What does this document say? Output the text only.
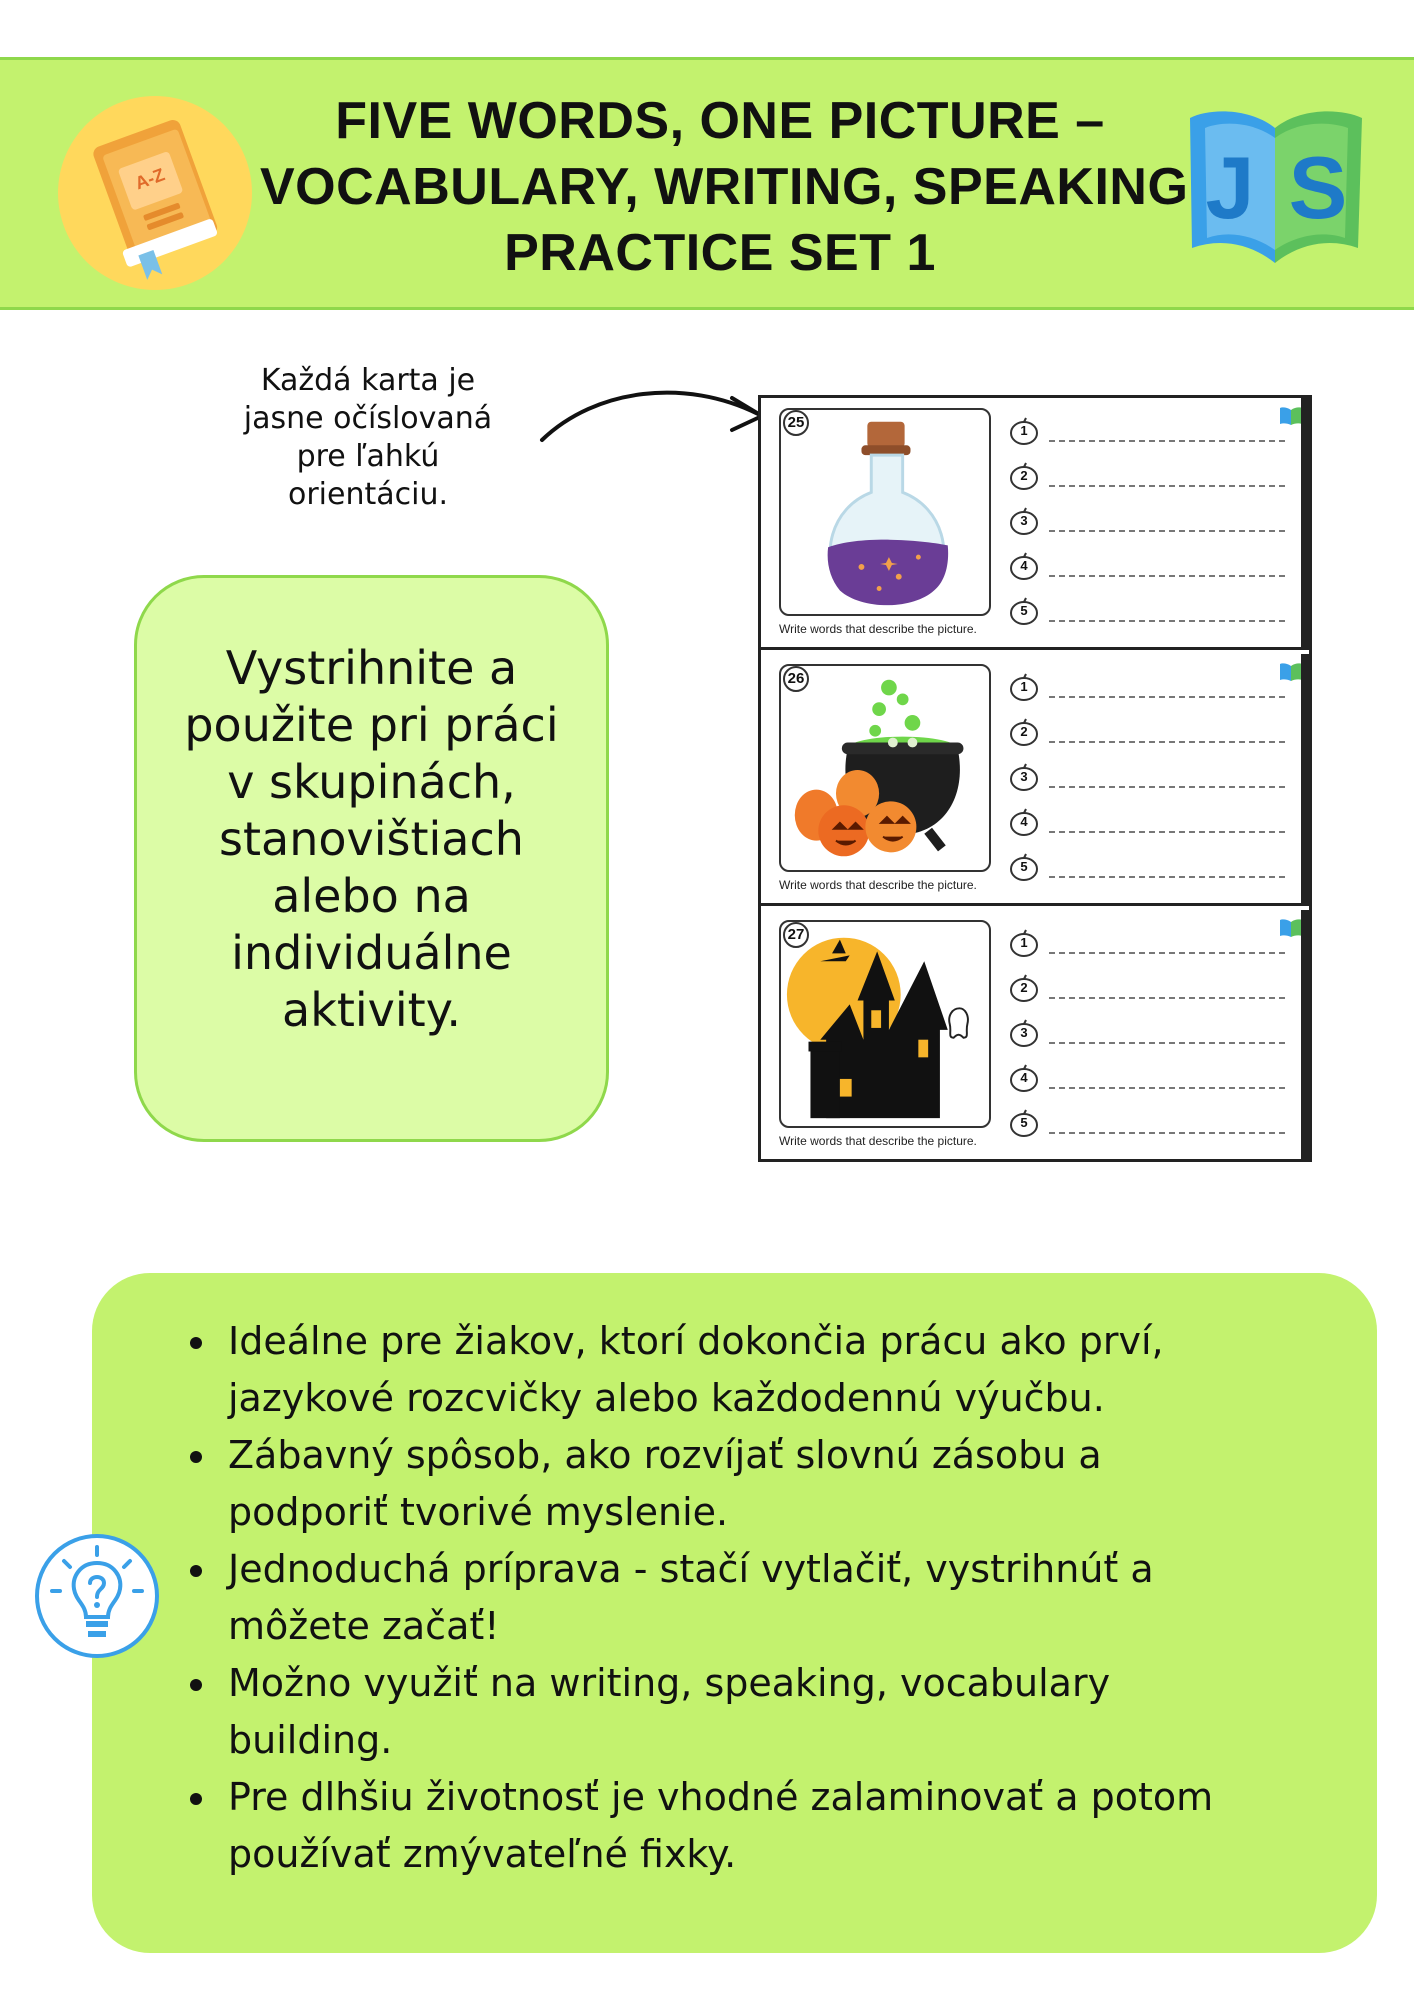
A-Z
FIVE WORDS, ONE PICTURE –
VOCABULARY, WRITING, SPEAKING
PRACTICE SET 1
J S
Každá karta je
jasne očíslovaná
pre ľahkú
orientáciu.
Vystrihnite a
použite pri práci
v skupinách,
stanovištiach
alebo na
individuálne
aktivity.
25
Write words that describe the picture.
1
2
3
4
5
26
Write words that describe the picture.
1
2
3
4
5
27
Write words that describe the picture.
1
2
3
4
5
Ideálne pre žiakov, ktorí dokončia prácu ako prví,
jazykové rozcvičky alebo každodennú výučbu.
Zábavný spôsob, ako rozvíjať slovnú zásobu a
podporiť tvorivé myslenie.
Jednoduchá príprava - stačí vytlačiť, vystrihnúť a
môžete začať!
Možno využiť na writing, speaking, vocabulary
building.
Pre dlhšiu životnosť je vhodné zalaminovať a potom
používať zmývateľné fixky.
